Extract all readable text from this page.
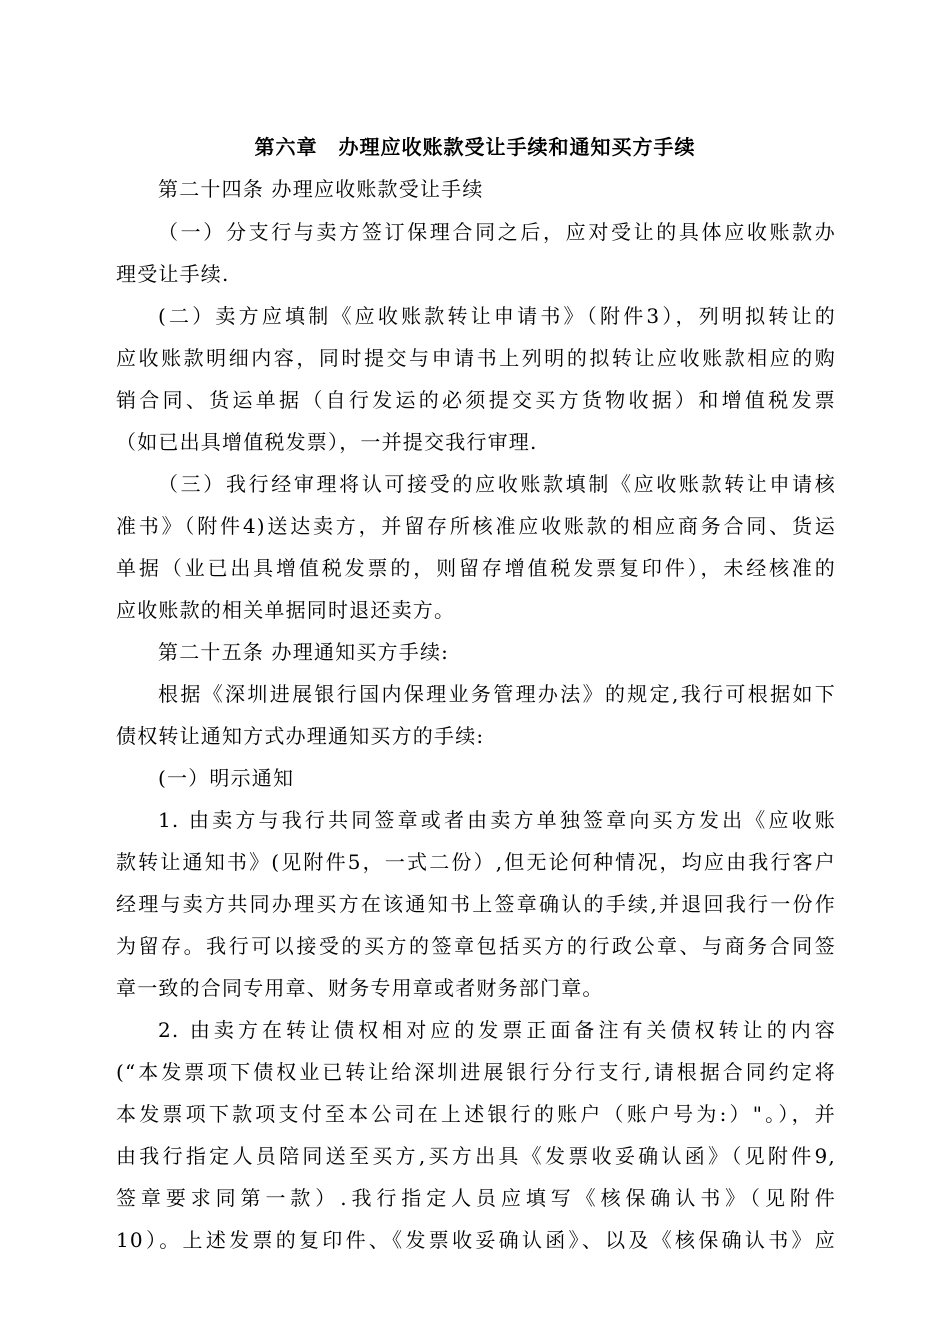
第六章　办理应收账款受让手续和通知买方手续
第二十四条 办理应收账款受让手续
（一）分支行与卖方签订保理合同之后，应对受让的具体应收账款办
理受让手续.
(二）卖方应填制《应收账款转让申请书》（附件3），列明拟转让的
应收账款明细内容，同时提交与申请书上列明的拟转让应收账款相应的购
销合同、货运单据（自行发运的必须提交买方货物收据）和增值税发票
（如已出具增值税发票），一并提交我行审理.
（三）我行经审理将认可接受的应收账款填制《应收账款转让申请核
准书》（附件4)送达卖方，并留存所核准应收账款的相应商务合同、货运
单据（业已出具增值税发票的，则留存增值税发票复印件），未经核准的
应收账款的相关单据同时退还卖方。
第二十五条 办理通知买方手续:
根据《深圳进展银行国内保理业务管理办法》的规定,我行可根据如下
债权转让通知方式办理通知买方的手续:
(一）明示通知
1. 由卖方与我行共同签章或者由卖方单独签章向买方发出《应收账
款转让通知书》(见附件5，一式二份）,但无论何种情况，均应由我行客户
经理与卖方共同办理买方在该通知书上签章确认的手续,并退回我行一份作
为留存。我行可以接受的买方的签章包括买方的行政公章、与商务合同签
章一致的合同专用章、财务专用章或者财务部门章。
2. 由卖方在转让债权相对应的发票正面备注有关债权转让的内容
(“本发票项下债权业已转让给深圳进展银行分行支行,请根据合同约定将
本发票项下款项支付至本公司在上述银行的账户（账户号为:）"。），并
由我行指定人员陪同送至买方,买方出具《发票收妥确认函》（见附件9,
签章要求同第一款）.我行指定人员应填写《核保确认书》（见附件
10）。上述发票的复印件、《发票收妥确认函》、以及《核保确认书》应
